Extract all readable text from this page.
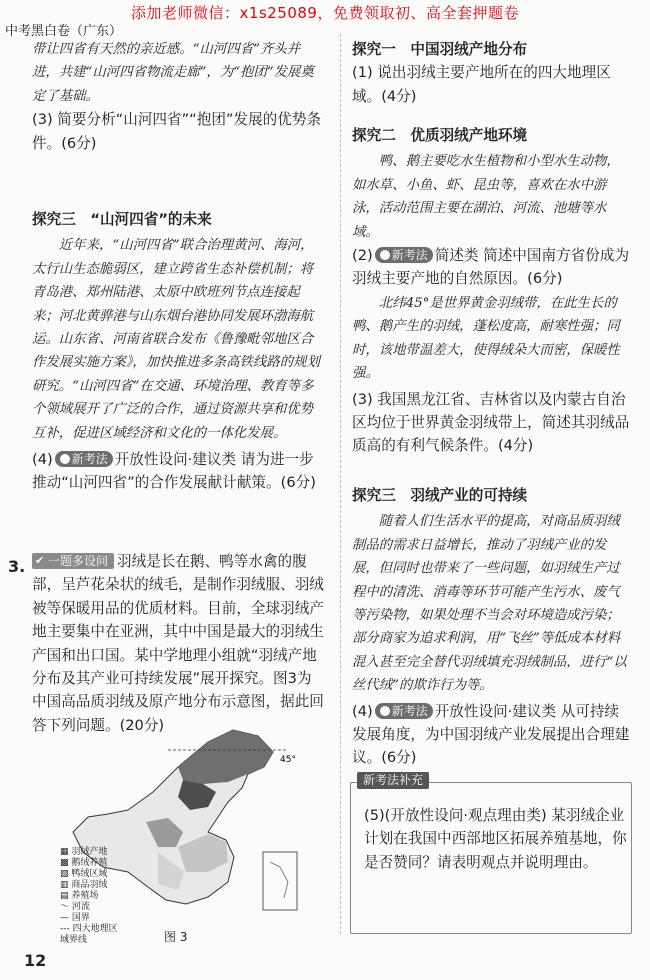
添加老师微信：x1s25089，免费领取初、高全套押题卷
中考黑白卷（广东）

带让四省有天然的亲近感。“山河四省”齐头并进，共建“山河四省物流走廊”，为“抱团”发展奠定了基础。

(3) 简要分析“山河四省”“抱团”发展的优势条件。(6分)

探究三　“山河四省”的未来

近年来，“山河四省”联合治理黄河、海河，太行山生态脆弱区，建立跨省生态补偿机制；将青岛港、郑州陆港、太原中欧班列节点连接起来；河北黄骅港与山东烟台港协同发展环渤海航运。山东省、河南省联合发布《鲁豫毗邻地区合作发展实施方案》，加快推进多条高铁线路的规划研究。“山河四省”在交通、环境治理、教育等多个领域展开了广泛的合作，通过资源共享和优势互补，促进区域经济和文化的一体化发展。

(4) 新考法 开放性设问·建议类 请为进一步推动“山河四省”的合作发展献计献策。(6分)

3.

✔	一题多设问 羽绒是长在鹅、鸭等水禽的腹部，呈芦花朵状的绒毛，是制作羽绒服、羽绒被等保暖用品的优质材料。目前，全球羽绒产地主要集中在亚洲，其中中国是最大的羽绒生产国和出口国。某中学地理小组就“羽绒产地分布及其产业可持续发展”展开探究。图3为中国高品质羽绒及原产地分布示意图，据此回答下列问题。(20分)

45°
▦ 羽绒产地
▩ 鹅绒养殖
▧ 鸭绒区域
▥ 商品羽绒
▤ 养殖场
～ 河流
— 国界
--- 四大地理区域界线	图 3
12

探究一　中国羽绒产地分布

(1) 说出羽绒主要产地所在的四大地理区域。(4分)

探究二　优质羽绒产地环境

鸭、鹅主要吃水生植物和小型水生动物，如水草、小鱼、虾、昆虫等，喜欢在水中游泳，活动范围主要在湖泊、河流、池塘等水域。

(2) 新考法 简述类 简述中国南方省份成为羽绒主要产地的自然原因。(6分)

北纬45°是世界黄金羽绒带，在此生长的鸭、鹅产生的羽绒，蓬松度高，耐寒性强；同时，该地带温差大，使得绒朵大而密，保暖性强。

(3) 我国黑龙江省、吉林省以及内蒙古自治区均位于世界黄金羽绒带上，简述其羽绒品质高的有利气候条件。(4分)

探究三　羽绒产业的可持续

随着人们生活水平的提高，对商品质羽绒制品的需求日益增长，推动了羽绒产业的发展，但同时也带来了一些问题，如羽绒生产过程中的清洗、消毒等环节可能产生污水、废气等污染物，如果处理不当会对环境造成污染；部分商家为追求利润，用“飞丝”等低成本材料混入甚至完全替代羽绒填充羽绒制品，进行“以丝代绒”的欺诈行为等。

(4) 新考法 开放性设问·建议类 从可持续发展角度，为中国羽绒产业发展提出合理建议。(6分)

新考法补充
(5)(开放性设问·观点理由类) 某羽绒企业计划在我国中西部地区拓展养殖基地，你是否赞同？请表明观点并说明理由。
